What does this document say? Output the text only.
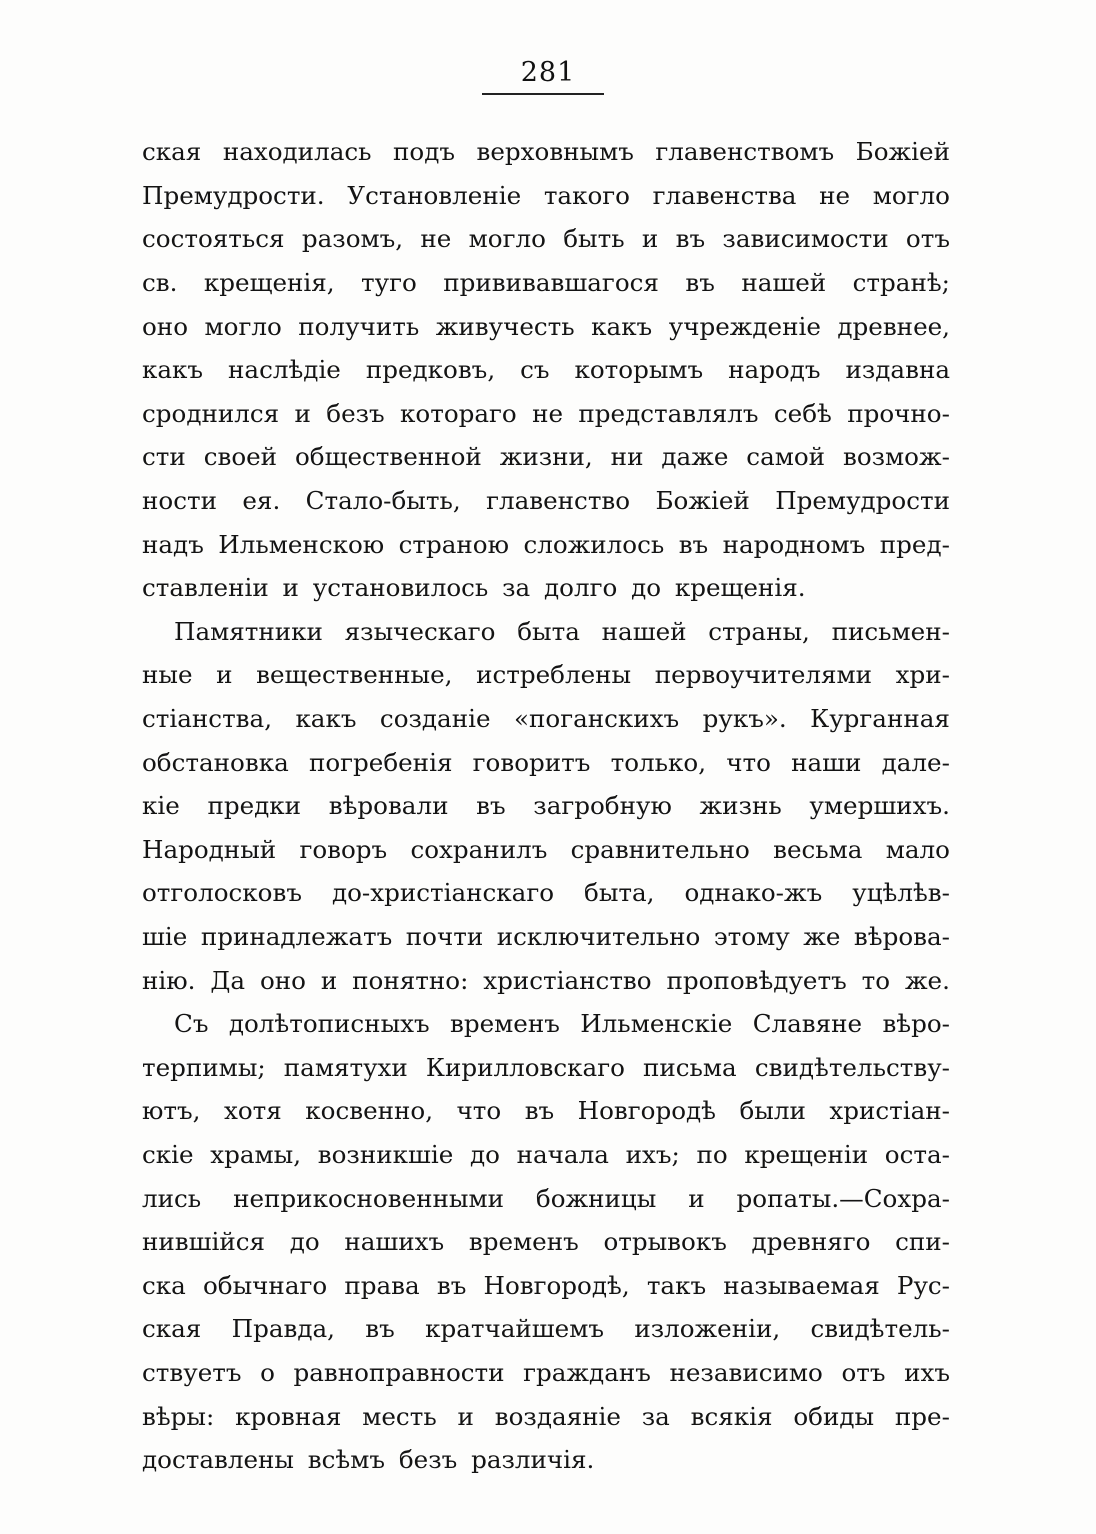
281
ская находилась подъ верховнымъ главенствомъ Божіей
Премудрости. Установленіе такого главенства не могло
состояться разомъ, не могло быть и въ зависимости отъ
св. крещенія, туго прививавшагося въ нашей странѣ;
оно могло получить живучесть какъ учрежденіе древнее,
какъ наслѣдіе предковъ, съ которымъ народъ издавна
сроднился и безъ котораго не представлялъ себѣ прочно-
сти своей общественной жизни, ни даже самой возмож-
ности ея. Стало-быть, главенство Божіей Премудрости
надъ Ильменскою страною сложилось въ народномъ пред-
ставленіи и установилось за долго до крещенія.
Памятники языческаго быта нашей страны, письмен-
ные и вещественные, истреблены первоучителями хри-
стіанства, какъ созданіе «поганскихъ рукъ». Курганная
обстановка погребенія говоритъ только, что наши дале-
кіе предки вѣровали въ загробную жизнь умершихъ.
Народный говоръ сохранилъ сравнительно весьма мало
отголосковъ до-христіанскаго быта, однако-жъ уцѣлѣв-
шіе принадлежатъ почти исключительно этому же вѣрова-
нію. Да оно и понятно: христіанство проповѣдуетъ то же.
Съ долѣтописныхъ временъ Ильменскіе Славяне вѣро-
терпимы; памятухи Кирилловскаго письма свидѣтельству-
ютъ, хотя косвенно, что въ Новгородѣ были христіан-
скіе храмы, возникшіе до начала ихъ; по крещеніи оста-
лись неприкосновенными божницы и ропаты.—Сохра-
нившійся до нашихъ временъ отрывокъ древняго спи-
ска обычнаго права въ Новгородѣ, такъ называемая Рус-
ская Правда, въ кратчайшемъ изложеніи, свидѣтель-
ствуетъ о равноправности гражданъ независимо отъ ихъ
вѣры: кровная месть и воздаяніе за всякія обиды пре-
доставлены всѣмъ безъ различія.
